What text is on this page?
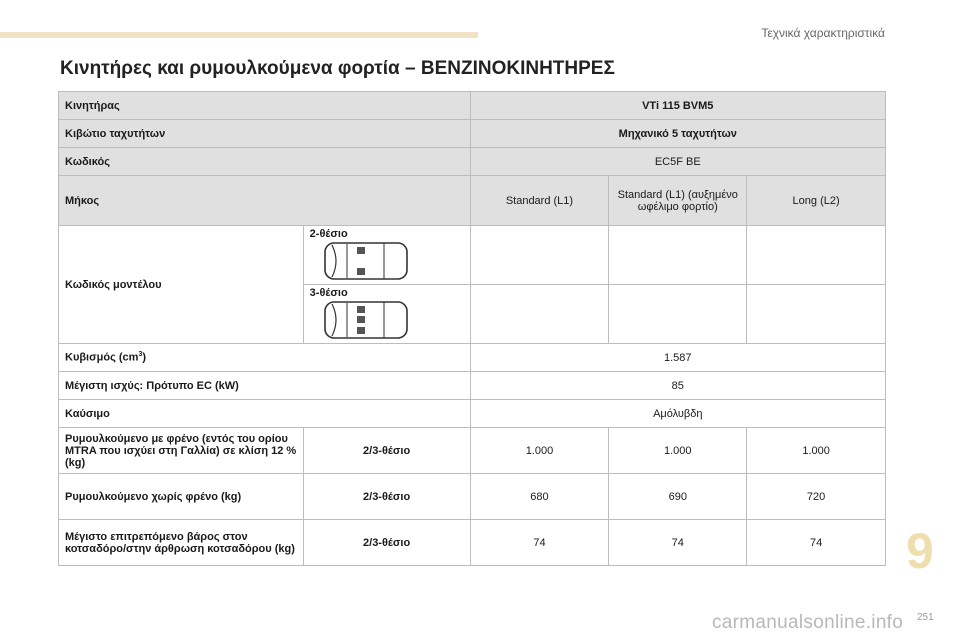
Τεχνικά χαρακτηριστικά
Κινητήρες και ρυμουλκούμενα φορτία – ΒΕΝΖΙΝΟΚΙΝΗΤΗΡΕΣ
Κινητήρας		VTi 115 BVM5		
Κιβώτιο ταχυτήτων		Μηχανικό 5 ταχυτήτων		
Κωδικός		EC5F BE		
Μήκος		Standard (L1)	Standard (L1) (αυξημένο ωφέλιμο φορτίο)	Long (L2)
Κωδικός μοντέλου	2-θέσιο			
	3-θέσιο			
Κυβισμός $(cm^3)$		1.587		
Μέγιστη ισχύς: Πρότυπο EC (kW)		85		
Καύσιμο		Αμόλυβδη		
Ρυμουλκούμενο με φρένο (εντός του ορίου MTRA που ισχύει στη Γαλλία) σε κλίση 12 % (kg)	2/3-θέσιο	1.000	1.000	1.000
Ρυμουλκούμενο χωρίς φρένο (kg)	2/3-θέσιο	680	690	720
Μέγιστο επιτρεπόμενο βάρος στον κοτσαδόρο/στην άρθρωση κοτσαδόρου (kg)	2/3-θέσιο	74	74	74 9
carmanualsonline.info 251
